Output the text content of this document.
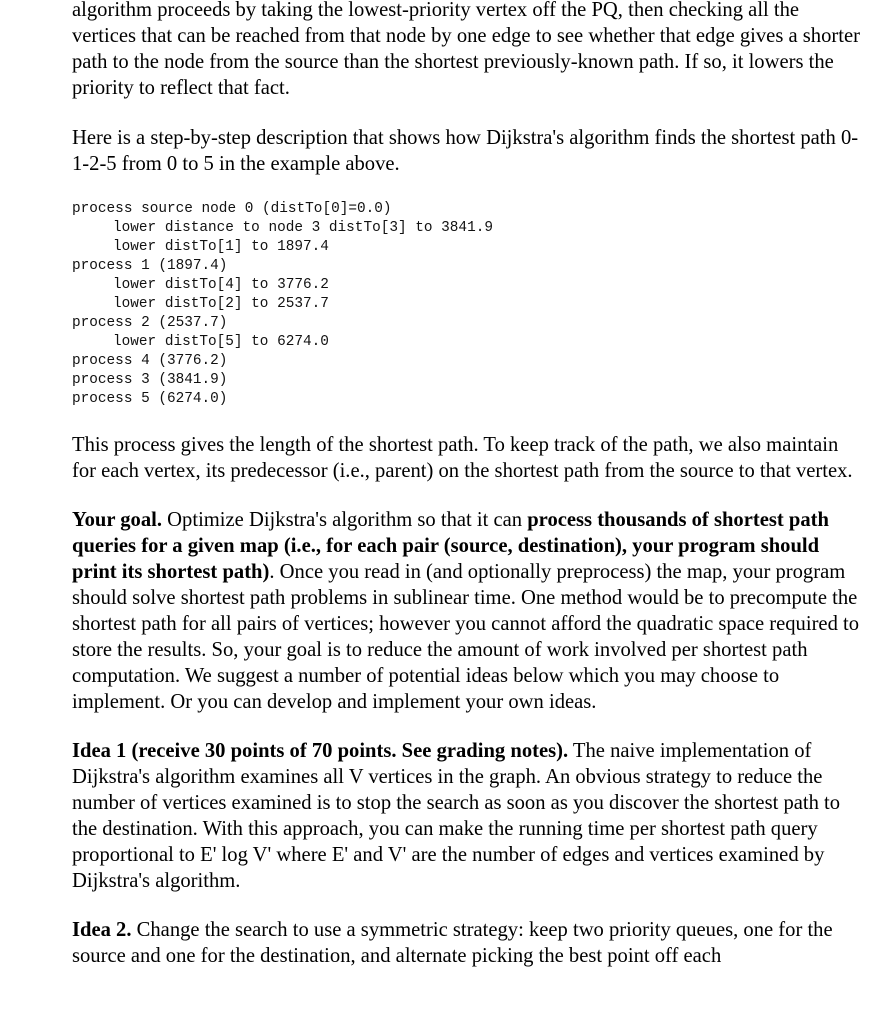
algorithm proceeds by taking the lowest-priority vertex off the PQ, then checking all the vertices that can be reached from that node by one edge to see whether that edge gives a shorter path to the node from the source than the shortest previously-known path. If so, it lowers the priority to reflect that fact.

Here is a step-by-step description that shows how Dijkstra's algorithm finds the shortest path 0-1-2-5 from 0 to 5 in the example above.

process source node 0 (distTo[0]=0.0)
lower distance to node 3 distTo[3] to 3841.9
lower distTo[1] to 1897.4
process 1 (1897.4)
lower distTo[4] to 3776.2
lower distTo[2] to 2537.7
process 2 (2537.7)
lower distTo[5] to 6274.0
process 4 (3776.2)
process 3 (3841.9)
process 5 (6274.0)

This process gives the length of the shortest path. To keep track of the path, we also maintain for each vertex, its predecessor (i.e., parent) on the shortest path from the source to that vertex.

Your goal. Optimize Dijkstra's algorithm so that it can process thousands of shortest path queries for a given map (i.e., for each pair (source, destination), your program should print its shortest path). Once you read in (and optionally preprocess) the map, your program should solve shortest path problems in sublinear time. One method would be to precompute the shortest path for all pairs of vertices; however you cannot afford the quadratic space required to store the results. So, your goal is to reduce the amount of work involved per shortest path computation. We suggest a number of potential ideas below which you may choose to implement. Or you can develop and implement your own ideas.

Idea 1 (receive 30 points of 70 points. See grading notes). The naive implementation of Dijkstra's algorithm examines all V vertices in the graph. An obvious strategy to reduce the number of vertices examined is to stop the search as soon as you discover the shortest path to the destination. With this approach, you can make the running time per shortest path query proportional to E' log V' where E' and V' are the number of edges and vertices examined by Dijkstra's algorithm.

Idea 2. Change the search to use a symmetric strategy: keep two priority queues, one for the source and one for the destination, and alternate picking the best point off each
